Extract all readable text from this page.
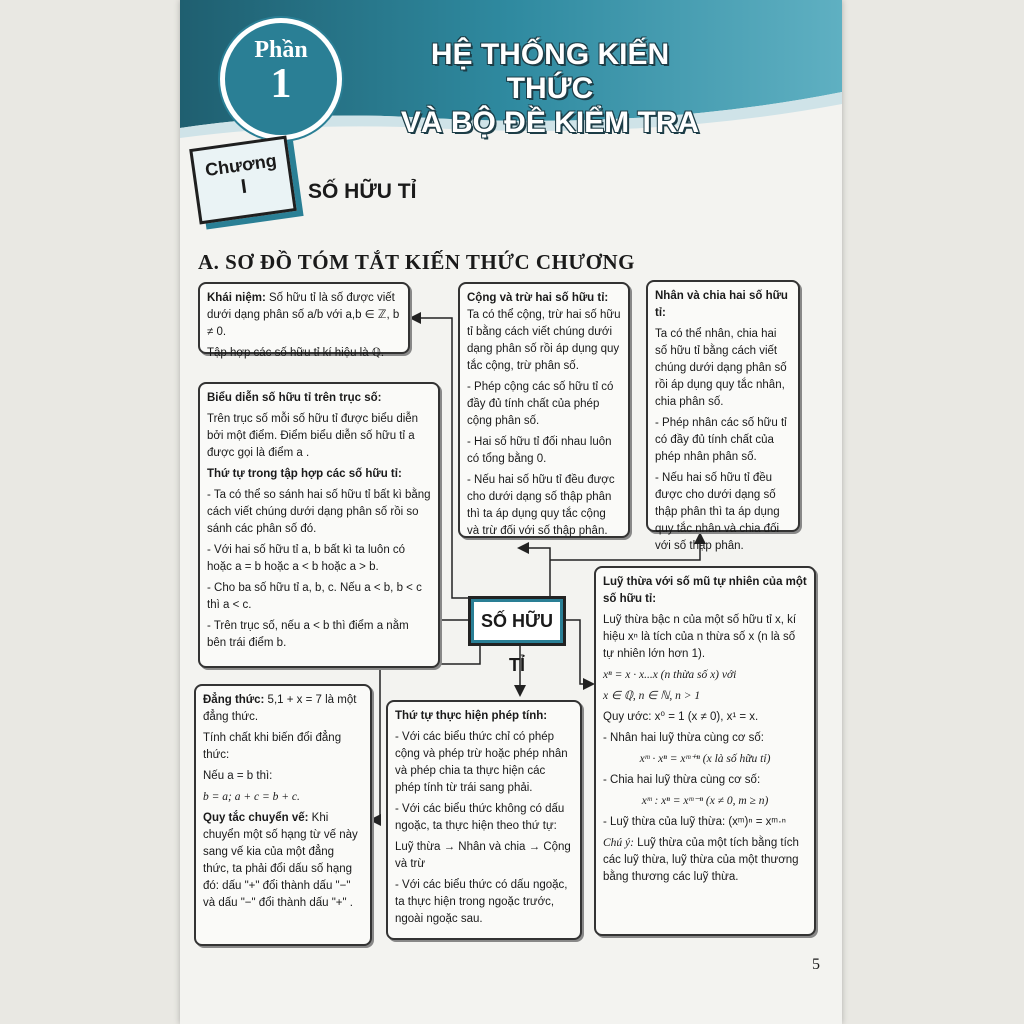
Phần
1
HỆ THỐNG KIẾN THỨC
VÀ BỘ ĐỀ KIỂM TRA
Chương
I	SỐ HỮU TỈ
A. SƠ ĐỒ TÓM TẮT KIẾN THỨC CHƯƠNG

Khái niệm: Số hữu tỉ là số được viết dưới dạng phân số a/b với a,b ∈ ℤ, b ≠ 0.

Tập hợp các số hữu tỉ kí hiệu là ℚ.

Biểu diễn số hữu tỉ trên trục số:

Trên trục số mỗi số hữu tỉ được biểu diễn bởi một điểm. Điểm biểu diễn số hữu tỉ a được gọi là điểm a .

Thứ tự trong tập hợp các số hữu tỉ:

- Ta có thể so sánh hai số hữu tỉ bất kì bằng cách viết chúng dưới dạng phân số rồi so sánh các phân số đó.

- Với hai số hữu tỉ a, b bất kì ta luôn có hoặc a = b hoặc a < b hoặc a > b.

- Cho ba số hữu tỉ a, b, c. Nếu a < b, b < c thì a < c.

- Trên trục số, nếu a < b thì điểm a nằm bên trái điểm b.

Cộng và trừ hai số hữu tỉ: Ta có thể cộng, trừ hai số hữu tỉ bằng cách viết chúng dưới dạng phân số rồi áp dụng quy tắc cộng, trừ phân số.

- Phép cộng các số hữu tỉ có đầy đủ tính chất của phép cộng phân số.

- Hai số hữu tỉ đối nhau luôn có tổng bằng 0.

- Nếu hai số hữu tỉ đều được cho dưới dạng số thập phân thì ta áp dụng quy tắc cộng và trừ đối với số thập phân.

Nhân và chia hai số hữu tỉ:

Ta có thể nhân, chia hai số hữu tỉ bằng cách viết chúng dưới dạng phân số rồi áp dụng quy tắc nhân, chia phân số.

- Phép nhân các số hữu tỉ có đầy đủ tính chất của phép nhân phân số.

- Nếu hai số hữu tỉ đều được cho dưới dạng số thập phân thì ta áp dụng quy tắc nhân và chia đối với số thập phân.

SỐ HỮU TỈ

Luỹ thừa với số mũ tự nhiên của một số hữu tỉ:

Luỹ thừa bậc n của một số hữu tỉ x, kí hiệu xⁿ là tích của n thừa số x (n là số tự nhiên lớn hơn 1).

xⁿ = x · x...x (n thừa số x) với

x ∈ ℚ, n ∈ ℕ, n > 1

Quy ước: x⁰ = 1 (x ≠ 0), x¹ = x.

- Nhân hai luỹ thừa cùng cơ số:

xᵐ · xⁿ = xᵐ⁺ⁿ (x là số hữu tỉ)

- Chia hai luỹ thừa cùng cơ số:

xᵐ : xⁿ = xᵐ⁻ⁿ (x ≠ 0, m ≥ n)

- Luỹ thừa của luỹ thừa: (xᵐ)ⁿ = xᵐ·ⁿ

Chú ý: Luỹ thừa của một tích bằng tích các luỹ thừa, luỹ thừa của một thương bằng thương các luỹ thừa.

Đẳng thức: 5,1 + x = 7 là một đẳng thức.

Tính chất khi biến đổi đẳng thức:

Nếu a = b thì:

b = a; a + c = b + c.

Quy tắc chuyển vế: Khi chuyển một số hạng từ vế này sang vế kia của một đẳng thức, ta phải đổi dấu số hạng đó: dấu "+" đổi thành dấu "−" và dấu "−" đổi thành dấu "+" .

Thứ tự thực hiện phép tính:

- Với các biểu thức chỉ có phép cộng và phép trừ hoặc phép nhân và phép chia ta thực hiện các phép tính từ trái sang phải.

- Với các biểu thức không có dấu ngoặc, ta thực hiện theo thứ tự:

Luỹ thừa → Nhân và chia → Cộng và trừ

- Với các biểu thức có dấu ngoặc, ta thực hiện trong ngoặc trước, ngoài ngoặc sau.

5
